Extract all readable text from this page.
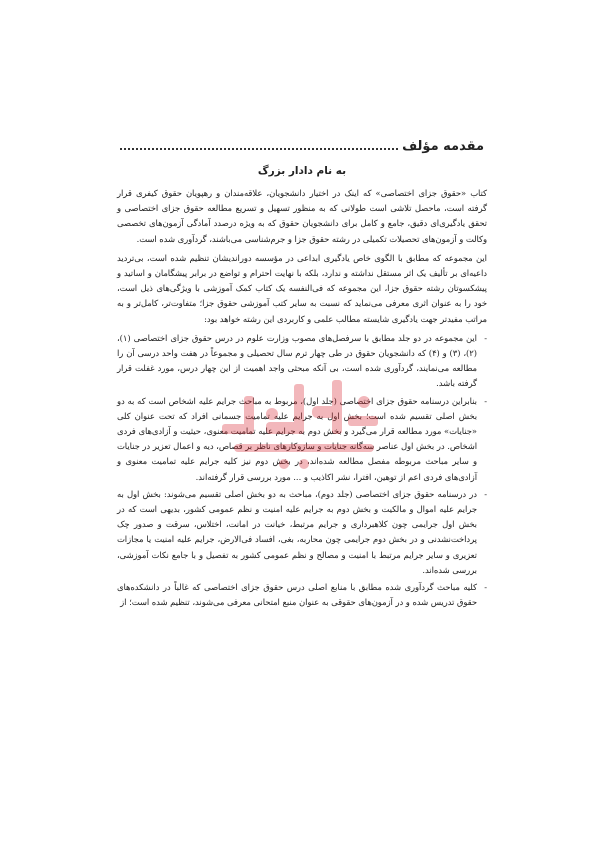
مقدمه مؤلف
به نام دادار بزرگ

کتاب «حقوق جزای اختصاصی» که اینک در اختیار دانشجویان، علاقه‌مندان و رهپویان حقوق کیفری قرار گرفته است، ماحصل تلاشی است طولانی که به منظور تسهیل و تسریع مطالعه حقوق جزای اختصاصی و تحقق یادگیری‌ای دقیق، جامع و کامل برای دانشجویان حقوق که به ویژه درصدد آمادگی آزمون‌های تخصصی وکالت و آزمون‌های تحصیلات تکمیلی در رشته حقوق جزا و جرم‌شناسی می‌باشند، گردآوری شده است.

این مجموعه که مطابق با الگوی خاص یادگیری ابداعی در مؤسسه دوراندیشان تنظیم شده است، بی‌تردید داعیه‌ای بر تألیف یک اثر مستقل نداشته و ندارد، بلکه با نهایت احترام و تواضع در برابر پیشگامان و اساتید و پیشکسوتان رشته حقوق جزا، این مجموعه که فی‌النفسه یک کتاب کمک آموزشی با ویژگی‌های ذیل است، خود را به عنوان اثری معرفی می‌نماید که نسبت به سایر کتب آموزشی حقوق جزا؛ متفاوت‌تر، کامل‌تر و به مراتب مفیدتر جهت یادگیری شایسته مطالب علمی و کاربردی این رشته خواهد بود:

- این مجموعه در دو جلد مطابق با سرفصل‌های مصوب وزارت علوم در درس حقوق جزای اختصاصی (۱)، (۲)، (۳) و (۴) که دانشجویان حقوق در طی چهار ترم سال تحصیلی و مجموعاً در هفت واحد درسی آن را مطالعه می‌نمایند، گردآوری شده است، بی آنکه مبحثی واجد اهمیت از این چهار درس، مورد غفلت قرار گرفته باشد.
- بنابراین درسنامه حقوق جزای اختصاصی (جلد اول)، مربوط به مباحث جرایم علیه اشخاص است که به دو بخش اصلی تقسیم شده است؛ بخش اول به جرایم علیه تمامیت جسمانی افراد که تحت عنوان کلی «جنایات» مورد مطالعه قرار می‌گیرد و بخش دوم به جرایم علیه تمامیت معنوی، حیثیت و آزادی‌های فردی اشخاص. در بخش اول عناصر سه‌گانه جنایات و سازوکارهای ناظر بر قصاص، دیه و اعمال تعزیر در جنایات و سایر مباحث مربوطه مفصل مطالعه شده‌اند، در بخش دوم نیز کلیه جرایم علیه تمامیت معنوی و آزادی‌های فردی اعم از توهین، افترا، نشر اکاذیب و ... مورد بررسی قرار گرفته‌اند.
- در درسنامه حقوق جزای اختصاصی (جلد دوم)، مباحث به دو بخش اصلی تقسیم می‌شوند: بخش اول به جرایم علیه اموال و مالکیت و بخش دوم به جرایم علیه امنیت و نظم عمومی کشور، بدیهی است که در بخش اول جرایمی چون کلاهبرداری و جرایم مرتبط، خیانت در امانت، اختلاس، سرقت و صدور چک پرداخت‌نشدنی و در بخش دوم جرایمی چون محاربه، بغی، افساد فی‌الارض، جرایم علیه امنیت یا مجازات تعزیری و سایر جرایم مرتبط با امنیت و مصالح و نظم عمومی کشور به تفصیل و با جامع نکات آموزشی، بررسی شده‌اند.
- کلیه مباحث گردآوری شده مطابق با منابع اصلی درس حقوق جزای اختصاصی که غالباً در دانشکده‌های حقوق تدریس شده و در آزمون‌های حقوقی به عنوان منبع امتحانی معرفی می‌شوند، تنظیم شده است؛ از
